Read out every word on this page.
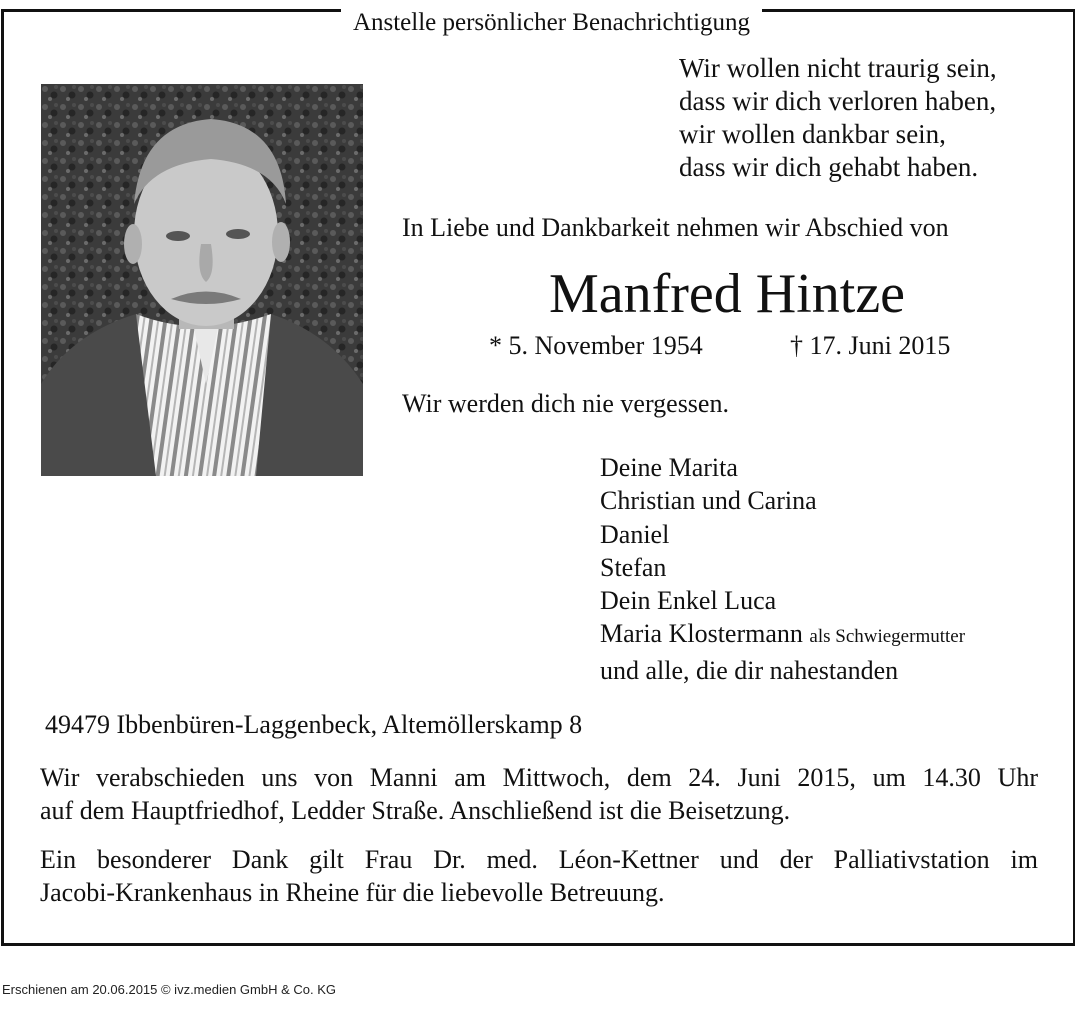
Anstelle persönlicher Benachrichtigung
Wir wollen nicht traurig sein,
dass wir dich verloren haben,
wir wollen dankbar sein,
dass wir dich gehabt haben.
In Liebe und Dankbarkeit nehmen wir Abschied von
Manfred Hintze
* 5. November 1954	† 17. Juni 2015
Wir werden dich nie vergessen.
Deine Marita
Christian und Carina
Daniel
Stefan
Dein Enkel Luca
Maria Klostermann als Schwiegermutter
und alle, die dir nahestanden
49479 Ibbenbüren-Laggenbeck, Altemöllerskamp 8
Wir verabschieden uns von Manni am Mittwoch, dem 24. Juni 2015, um 14.30 Uhr
auf dem Hauptfriedhof, Ledder Straße. Anschließend ist die Beisetzung.
Ein besonderer Dank gilt Frau Dr. med. Léon-Kettner und der Palliativstation im
Jacobi-Krankenhaus in Rheine für die liebevolle Betreuung.
Erschienen am 20.06.2015 © ivz.medien GmbH & Co. KG
